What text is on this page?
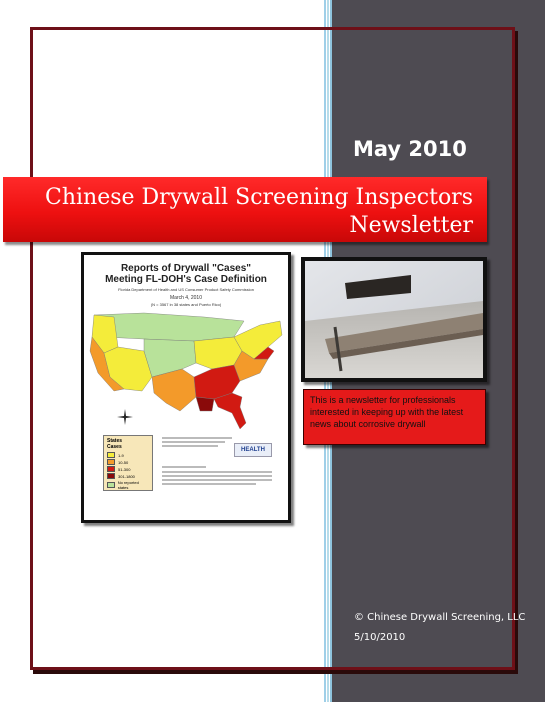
May 2010
Chinese Drywall Screening Inspectors
Newsletter
Reports of Drywall "Cases"
Meeting FL-DOH's Case Definition
Florida Department of Health and US Consumer Product Safety Commission
March 4, 2010
(N = 3567 in 38 states and Puerto Rico)
States
Cases
1-9
10-50
51-300
301-1800
No reported states
HEALTH
This is a newsletter for professionals interested in keeping up with the latest news about corrosive drywall
© Chinese Drywall Screening, LLC
5/10/2010
